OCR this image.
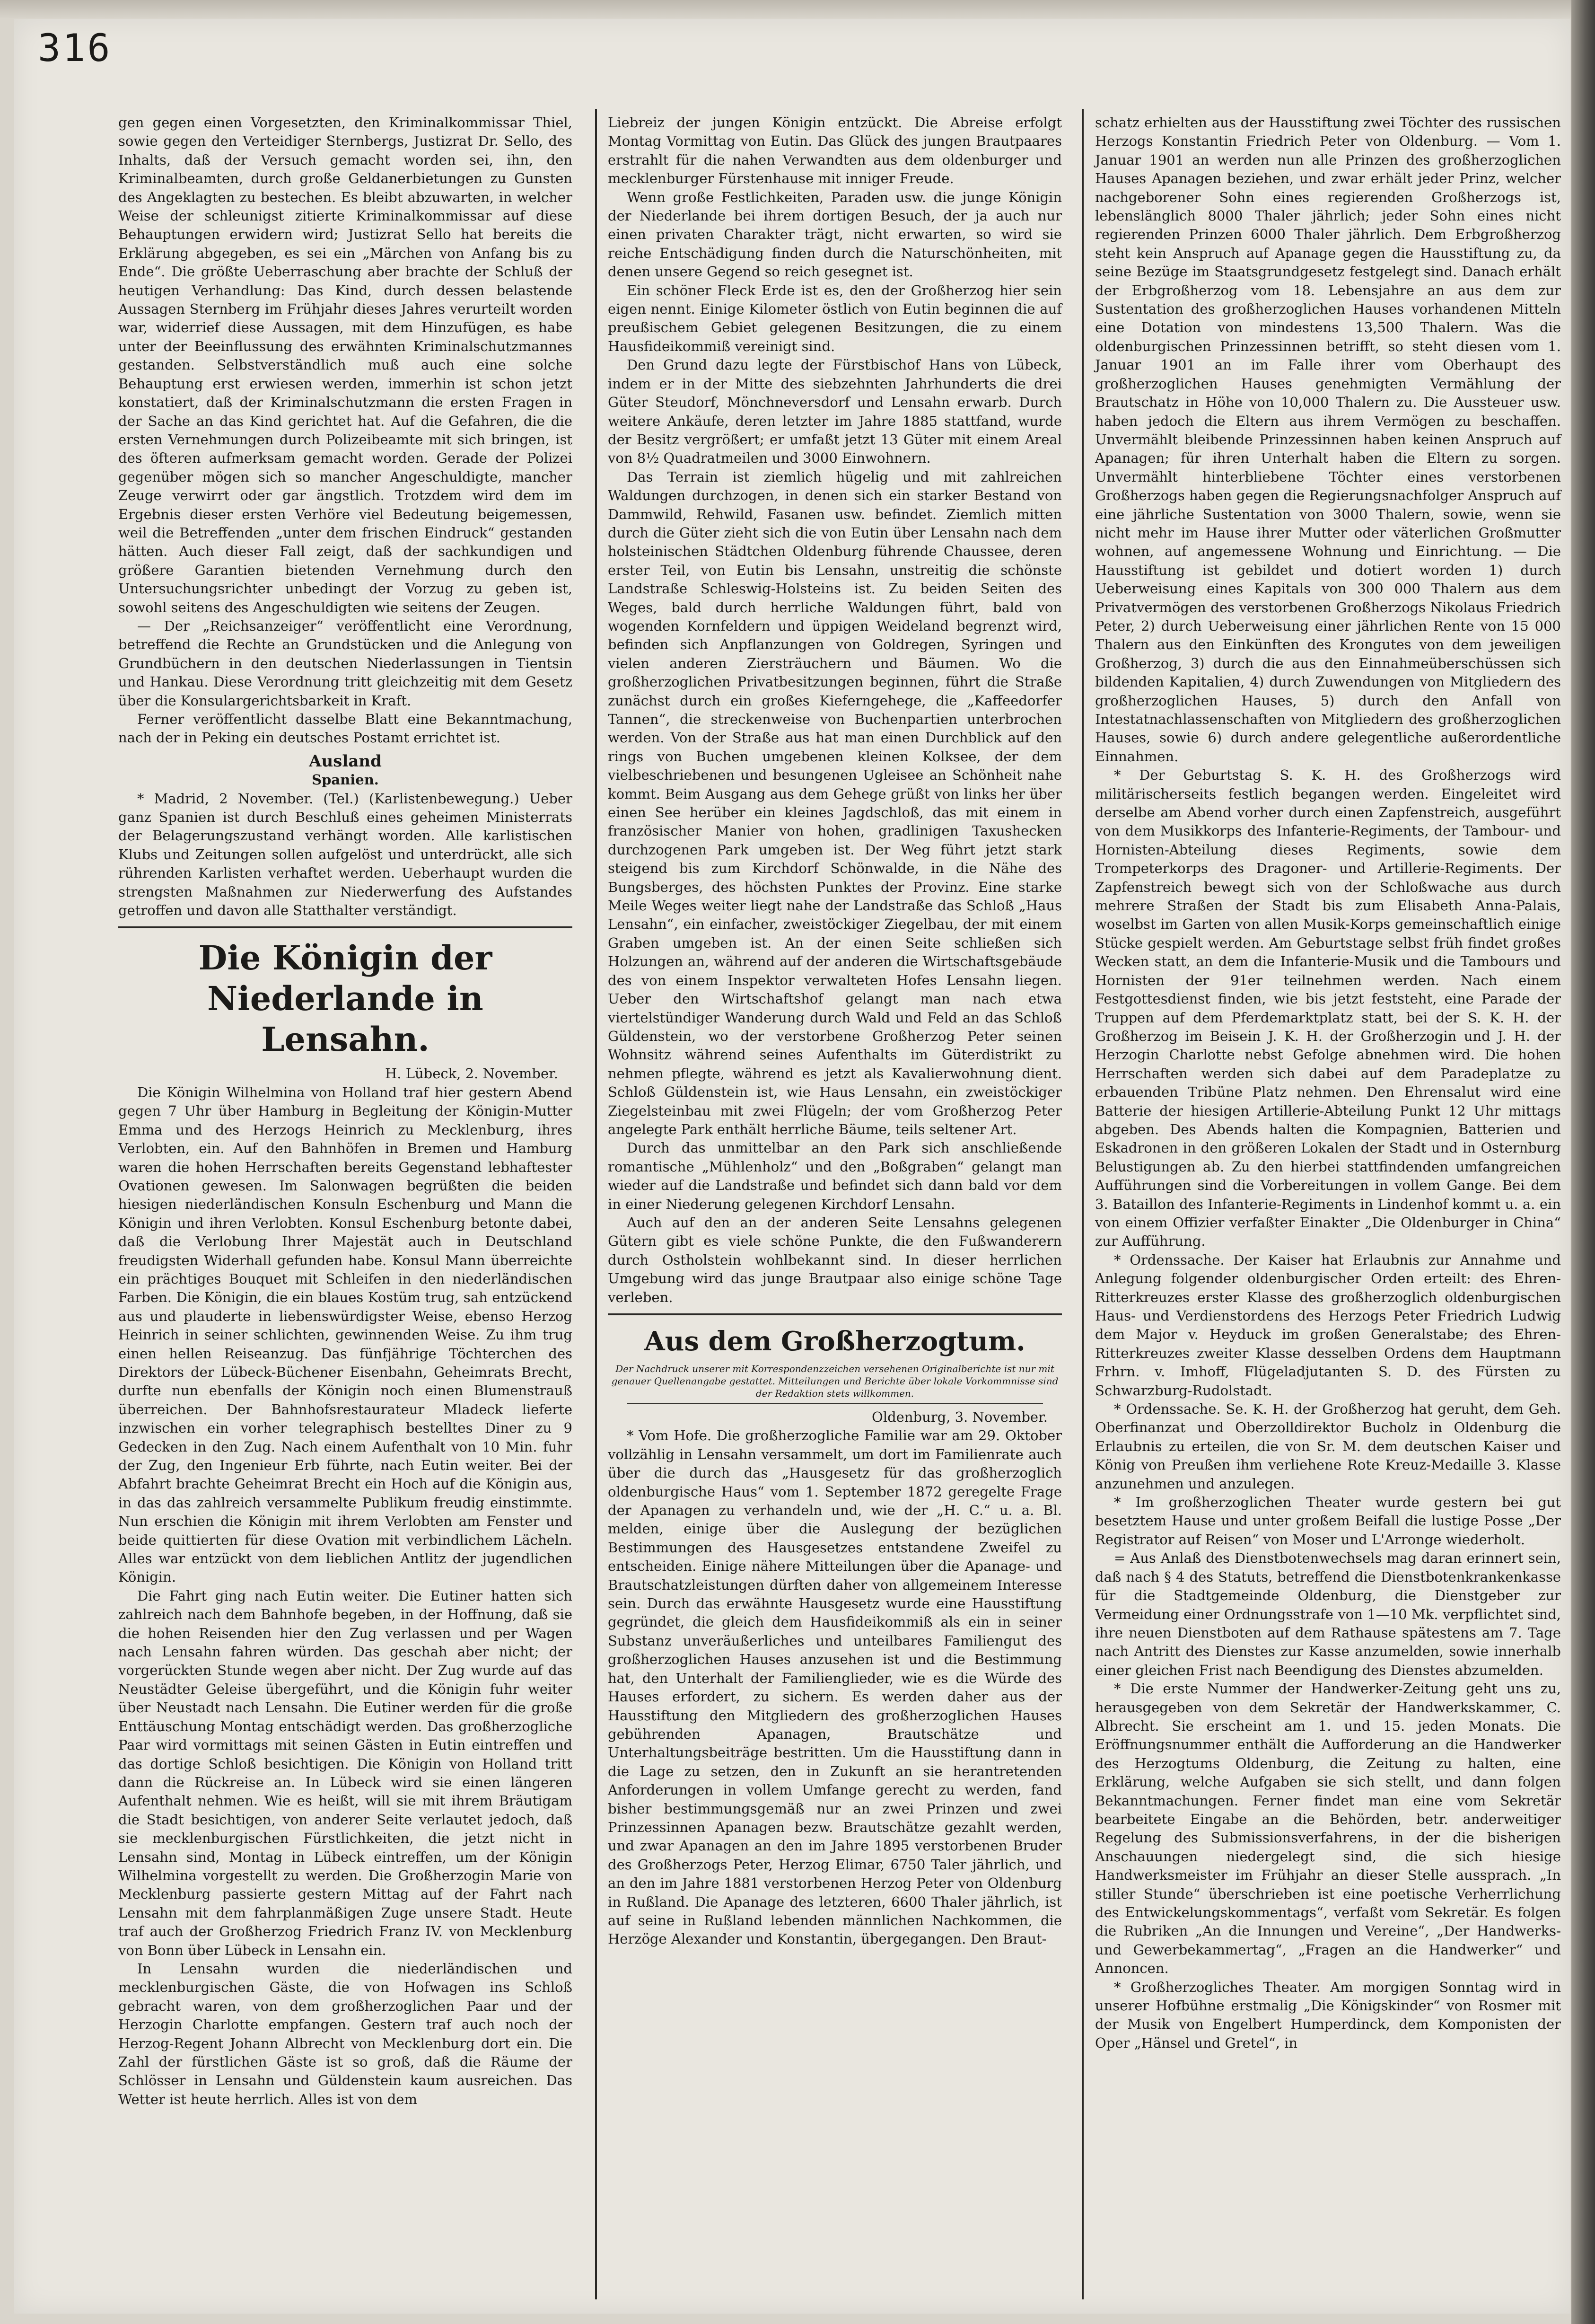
316

gen gegen einen Vorgesetzten, den Kriminalkommissar Thiel, sowie gegen den Verteidiger Sternbergs, Justizrat Dr. Sello, des Inhalts, daß der Versuch gemacht worden sei, ihn, den Kriminalbeamten, durch große Geldanerbietungen zu Gunsten des Angeklagten zu bestechen. Es bleibt abzuwarten, in welcher Weise der schleunigst zitierte Kriminalkommissar auf diese Behauptungen erwidern wird; Justizrat Sello hat bereits die Erklärung abgegeben, es sei ein „Märchen von Anfang bis zu Ende“. Die größte Ueberraschung aber brachte der Schluß der heutigen Verhandlung: Das Kind, durch dessen belastende Aussagen Sternberg im Frühjahr dieses Jahres verurteilt worden war, widerrief diese Aussagen, mit dem Hinzufügen, es habe unter der Beeinflussung des erwähnten Kriminalschutzmannes gestanden. Selbstverständlich muß auch eine solche Behauptung erst erwiesen werden, immerhin ist schon jetzt konstatiert, daß der Kriminalschutzmann die ersten Fragen in der Sache an das Kind gerichtet hat. Auf die Gefahren, die die ersten Vernehmungen durch Polizeibeamte mit sich bringen, ist des öfteren aufmerksam gemacht worden. Gerade der Polizei gegenüber mögen sich so mancher Angeschuldigte, mancher Zeuge verwirrt oder gar ängstlich. Trotzdem wird dem im Ergebnis dieser ersten Verhöre viel Bedeutung beigemessen, weil die Betreffenden „unter dem frischen Eindruck“ gestanden hätten. Auch dieser Fall zeigt, daß der sachkundigen und größere Garantien bietenden Vernehmung durch den Untersuchungsrichter unbedingt der Vorzug zu geben ist, sowohl seitens des Angeschuldigten wie seitens der Zeugen.

— Der „Reichsanzeiger“ veröffentlicht eine Verordnung, betreffend die Rechte an Grundstücken und die Anlegung von Grundbüchern in den deutschen Niederlassungen in Tientsin und Hankau. Diese Verordnung tritt gleichzeitig mit dem Gesetz über die Konsulargerichtsbarkeit in Kraft.

Ferner veröffentlicht dasselbe Blatt eine Bekanntmachung, nach der in Peking ein deutsches Postamt errichtet ist.

Ausland

Spanien.

* Madrid, 2 November. (Tel.) (Karlistenbewegung.) Ueber ganz Spanien ist durch Beschluß eines geheimen Ministerrats der Belagerungszustand verhängt worden. Alle karlistischen Klubs und Zeitungen sollen aufgelöst und unterdrückt, alle sich rührenden Karlisten verhaftet werden. Ueberhaupt wurden die strengsten Maßnahmen zur Niederwerfung des Aufstandes getroffen und davon alle Statthalter verständigt.

Die Königin der Niederlande in Lensahn.

H. Lübeck, 2. November.

Die Königin Wilhelmina von Holland traf hier gestern Abend gegen 7 Uhr über Hamburg in Begleitung der Königin-Mutter Emma und des Herzogs Heinrich zu Mecklenburg, ihres Verlobten, ein. Auf den Bahnhöfen in Bremen und Hamburg waren die hohen Herrschaften bereits Gegenstand lebhaftester Ovationen gewesen. Im Salonwagen begrüßten die beiden hiesigen niederländischen Konsuln Eschenburg und Mann die Königin und ihren Verlobten. Konsul Eschenburg betonte dabei, daß die Verlobung Ihrer Majestät auch in Deutschland freudigsten Widerhall gefunden habe. Konsul Mann überreichte ein prächtiges Bouquet mit Schleifen in den niederländischen Farben. Die Königin, die ein blaues Kostüm trug, sah entzückend aus und plauderte in liebenswürdigster Weise, ebenso Herzog Heinrich in seiner schlichten, gewinnenden Weise. Zu ihm trug einen hellen Reiseanzug. Das fünfjährige Töchterchen des Direktors der Lübeck-Büchener Eisenbahn, Geheimrats Brecht, durfte nun ebenfalls der Königin noch einen Blumenstrauß überreichen. Der Bahnhofsrestaurateur Mladeck lieferte inzwischen ein vorher telegraphisch bestelltes Diner zu 9 Gedecken in den Zug. Nach einem Aufenthalt von 10 Min. fuhr der Zug, den Ingenieur Erb führte, nach Eutin weiter. Bei der Abfahrt brachte Geheimrat Brecht ein Hoch auf die Königin aus, in das das zahlreich versammelte Publikum freudig einstimmte. Nun erschien die Königin mit ihrem Verlobten am Fenster und beide quittierten für diese Ovation mit verbindlichem Lächeln. Alles war entzückt von dem lieblichen Antlitz der jugendlichen Königin.

Die Fahrt ging nach Eutin weiter. Die Eutiner hatten sich zahlreich nach dem Bahnhofe begeben, in der Hoffnung, daß sie die hohen Reisenden hier den Zug verlassen und per Wagen nach Lensahn fahren würden. Das geschah aber nicht; der vorgerückten Stunde wegen aber nicht. Der Zug wurde auf das Neustädter Geleise übergeführt, und die Königin fuhr weiter über Neustadt nach Lensahn. Die Eutiner werden für die große Enttäuschung Montag entschädigt werden. Das großherzogliche Paar wird vormittags mit seinen Gästen in Eutin eintreffen und das dortige Schloß besichtigen. Die Königin von Holland tritt dann die Rückreise an. In Lübeck wird sie einen längeren Aufenthalt nehmen. Wie es heißt, will sie mit ihrem Bräutigam die Stadt besichtigen, von anderer Seite verlautet jedoch, daß sie mecklenburgischen Fürstlichkeiten, die jetzt nicht in Lensahn sind, Montag in Lübeck eintreffen, um der Königin Wilhelmina vorgestellt zu werden. Die Großherzogin Marie von Mecklenburg passierte gestern Mittag auf der Fahrt nach Lensahn mit dem fahrplanmäßigen Zuge unsere Stadt. Heute traf auch der Großherzog Friedrich Franz IV. von Mecklenburg von Bonn über Lübeck in Lensahn ein.

In Lensahn wurden die niederländischen und mecklenburgischen Gäste, die von Hofwagen ins Schloß gebracht waren, von dem großherzoglichen Paar und der Herzogin Charlotte empfangen. Gestern traf auch noch der Herzog-Regent Johann Albrecht von Mecklenburg dort ein. Die Zahl der fürstlichen Gäste ist so groß, daß die Räume der Schlösser in Lensahn und Güldenstein kaum ausreichen. Das Wetter ist heute herrlich. Alles ist von dem

Liebreiz der jungen Königin entzückt. Die Abreise erfolgt Montag Vormittag von Eutin. Das Glück des jungen Brautpaares erstrahlt für die nahen Verwandten aus dem oldenburger und mecklenburger Fürstenhause mit inniger Freude.

Wenn große Festlichkeiten, Paraden usw. die junge Königin der Niederlande bei ihrem dortigen Besuch, der ja auch nur einen privaten Charakter trägt, nicht erwarten, so wird sie reiche Entschädigung finden durch die Naturschönheiten, mit denen unsere Gegend so reich gesegnet ist.

Ein schöner Fleck Erde ist es, den der Großherzog hier sein eigen nennt. Einige Kilometer östlich von Eutin beginnen die auf preußischem Gebiet gelegenen Besitzungen, die zu einem Hausfideikommiß vereinigt sind.

Den Grund dazu legte der Fürstbischof Hans von Lübeck, indem er in der Mitte des siebzehnten Jahrhunderts die drei Güter Steudorf, Mönchneversdorf und Lensahn erwarb. Durch weitere Ankäufe, deren letzter im Jahre 1885 stattfand, wurde der Besitz vergrößert; er umfaßt jetzt 13 Güter mit einem Areal von 8½ Quadratmeilen und 3000 Einwohnern.

Das Terrain ist ziemlich hügelig und mit zahlreichen Waldungen durchzogen, in denen sich ein starker Bestand von Dammwild, Rehwild, Fasanen usw. befindet. Ziemlich mitten durch die Güter zieht sich die von Eutin über Lensahn nach dem holsteinischen Städtchen Oldenburg führende Chaussee, deren erster Teil, von Eutin bis Lensahn, unstreitig die schönste Landstraße Schleswig-Holsteins ist. Zu beiden Seiten des Weges, bald durch herrliche Waldungen führt, bald von wogenden Kornfeldern und üppigen Weideland begrenzt wird, befinden sich Anpflanzungen von Goldregen, Syringen und vielen anderen Ziersträuchern und Bäumen. Wo die großherzoglichen Privatbesitzungen beginnen, führt die Straße zunächst durch ein großes Kieferngehege, die „Kaffeedorfer Tannen“, die streckenweise von Buchenpartien unterbrochen werden. Von der Straße aus hat man einen Durchblick auf den rings von Buchen umgebenen kleinen Kolksee, der dem vielbeschriebenen und besungenen Ugleisee an Schönheit nahe kommt. Beim Ausgang aus dem Gehege grüßt von links her über einen See herüber ein kleines Jagdschloß, das mit einem in französischer Manier von hohen, gradlinigen Taxushecken durchzogenen Park umgeben ist. Der Weg führt jetzt stark steigend bis zum Kirchdorf Schönwalde, in die Nähe des Bungsberges, des höchsten Punktes der Provinz. Eine starke Meile Weges weiter liegt nahe der Landstraße das Schloß „Haus Lensahn“, ein einfacher, zweistöckiger Ziegelbau, der mit einem Graben umgeben ist. An der einen Seite schließen sich Holzungen an, während auf der anderen die Wirtschaftsgebäude des von einem Inspektor verwalteten Hofes Lensahn liegen. Ueber den Wirtschaftshof gelangt man nach etwa viertelstündiger Wanderung durch Wald und Feld an das Schloß Güldenstein, wo der verstorbene Großherzog Peter seinen Wohnsitz während seines Aufenthalts im Güterdistrikt zu nehmen pflegte, während es jetzt als Kavalierwohnung dient. Schloß Güldenstein ist, wie Haus Lensahn, ein zweistöckiger Ziegelsteinbau mit zwei Flügeln; der vom Großherzog Peter angelegte Park enthält herrliche Bäume, teils seltener Art.

Durch das unmittelbar an den Park sich anschließende romantische „Mühlenholz“ und den „Boßgraben“ gelangt man wieder auf die Landstraße und befindet sich dann bald vor dem in einer Niederung gelegenen Kirchdorf Lensahn.

Auch auf den an der anderen Seite Lensahns gelegenen Gütern gibt es viele schöne Punkte, die den Fußwanderern durch Ostholstein wohlbekannt sind. In dieser herrlichen Umgebung wird das junge Brautpaar also einige schöne Tage verleben.

Aus dem Großherzogtum.

Der Nachdruck unserer mit Korrespondenzzeichen versehenen Originalberichte ist nur mit genauer Quellenangabe gestattet. Mitteilungen und Berichte über lokale Vorkommnisse sind der Redaktion stets willkommen.

Oldenburg, 3. November.

* Vom Hofe. Die großherzogliche Familie war am 29. Oktober vollzählig in Lensahn versammelt, um dort im Familienrate auch über die durch das „Hausgesetz für das großherzoglich oldenburgische Haus“ vom 1. September 1872 geregelte Frage der Apanagen zu verhandeln und, wie der „H. C.“ u. a. Bl. melden, einige über die Auslegung der bezüglichen Bestimmungen des Hausgesetzes entstandene Zweifel zu entscheiden. Einige nähere Mitteilungen über die Apanage- und Brautschatzleistungen dürften daher von allgemeinem Interesse sein. Durch das erwähnte Hausgesetz wurde eine Hausstiftung gegründet, die gleich dem Hausfideikommiß als ein in seiner Substanz unveräußerliches und unteilbares Familiengut des großherzoglichen Hauses anzusehen ist und die Bestimmung hat, den Unterhalt der Familienglieder, wie es die Würde des Hauses erfordert, zu sichern. Es werden daher aus der Hausstiftung den Mitgliedern des großherzoglichen Hauses gebührenden Apanagen, Brautschätze und Unterhaltungsbeiträge bestritten. Um die Hausstiftung dann in die Lage zu setzen, den in Zukunft an sie herantretenden Anforderungen in vollem Umfange gerecht zu werden, fand bisher bestimmungsgemäß nur an zwei Prinzen und zwei Prinzessinnen Apanagen bezw. Brautschätze gezahlt werden, und zwar Apanagen an den im Jahre 1895 verstorbenen Bruder des Großherzogs Peter, Herzog Elimar, 6750 Taler jährlich, und an den im Jahre 1881 verstorbenen Herzog Peter von Oldenburg in Rußland. Die Apanage des letzteren, 6600 Thaler jährlich, ist auf seine in Rußland lebenden männlichen Nachkommen, die Herzöge Alexander und Konstantin, übergegangen. Den Braut-

schatz erhielten aus der Hausstiftung zwei Töchter des russischen Herzogs Konstantin Friedrich Peter von Oldenburg. — Vom 1. Januar 1901 an werden nun alle Prinzen des großherzoglichen Hauses Apanagen beziehen, und zwar erhält jeder Prinz, welcher nachgeborener Sohn eines regierenden Großherzogs ist, lebenslänglich 8000 Thaler jährlich; jeder Sohn eines nicht regierenden Prinzen 6000 Thaler jährlich. Dem Erbgroßherzog steht kein Anspruch auf Apanage gegen die Hausstiftung zu, da seine Bezüge im Staatsgrundgesetz festgelegt sind. Danach erhält der Erbgroßherzog vom 18. Lebensjahre an aus dem zur Sustentation des großherzoglichen Hauses vorhandenen Mitteln eine Dotation von mindestens 13,500 Thalern. Was die oldenburgischen Prinzessinnen betrifft, so steht diesen vom 1. Januar 1901 an im Falle ihrer vom Oberhaupt des großherzoglichen Hauses genehmigten Vermählung der Brautschatz in Höhe von 10,000 Thalern zu. Die Aussteuer usw. haben jedoch die Eltern aus ihrem Vermögen zu beschaffen. Unvermählt bleibende Prinzessinnen haben keinen Anspruch auf Apanagen; für ihren Unterhalt haben die Eltern zu sorgen. Unvermählt hinterbliebene Töchter eines verstorbenen Großherzogs haben gegen die Regierungsnachfolger Anspruch auf eine jährliche Sustentation von 3000 Thalern, sowie, wenn sie nicht mehr im Hause ihrer Mutter oder väterlichen Großmutter wohnen, auf angemessene Wohnung und Einrichtung. — Die Hausstiftung ist gebildet und dotiert worden 1) durch Ueberweisung eines Kapitals von 300 000 Thalern aus dem Privatvermögen des verstorbenen Großherzogs Nikolaus Friedrich Peter, 2) durch Ueberweisung einer jährlichen Rente von 15 000 Thalern aus den Einkünften des Krongutes von dem jeweiligen Großherzog, 3) durch die aus den Einnahmeüberschüssen sich bildenden Kapitalien, 4) durch Zuwendungen von Mitgliedern des großherzoglichen Hauses, 5) durch den Anfall von Intestatnachlassenschaften von Mitgliedern des großherzoglichen Hauses, sowie 6) durch andere gelegentliche außerordentliche Einnahmen.

* Der Geburtstag S. K. H. des Großherzogs wird militärischerseits festlich begangen werden. Eingeleitet wird derselbe am Abend vorher durch einen Zapfenstreich, ausgeführt von dem Musikkorps des Infanterie-Regiments, der Tambour- und Hornisten-Abteilung dieses Regiments, sowie dem Trompeterkorps des Dragoner- und Artillerie-Regiments. Der Zapfenstreich bewegt sich von der Schloßwache aus durch mehrere Straßen der Stadt bis zum Elisabeth Anna-Palais, woselbst im Garten von allen Musik-Korps gemeinschaftlich einige Stücke gespielt werden. Am Geburtstage selbst früh findet großes Wecken statt, an dem die Infanterie-Musik und die Tambours und Hornisten der 91er teilnehmen werden. Nach einem Festgottesdienst finden, wie bis jetzt feststeht, eine Parade der Truppen auf dem Pferdemarktplatz statt, bei der S. K. H. der Großherzog im Beisein J. K. H. der Großherzogin und J. H. der Herzogin Charlotte nebst Gefolge abnehmen wird. Die hohen Herrschaften werden sich dabei auf dem Paradeplatze zu erbauenden Tribüne Platz nehmen. Den Ehrensalut wird eine Batterie der hiesigen Artillerie-Abteilung Punkt 12 Uhr mittags abgeben. Des Abends halten die Kompagnien, Batterien und Eskadronen in den größeren Lokalen der Stadt und in Osternburg Belustigungen ab. Zu den hierbei stattfindenden umfangreichen Aufführungen sind die Vorbereitungen in vollem Gange. Bei dem 3. Bataillon des Infanterie-Regiments in Lindenhof kommt u. a. ein von einem Offizier verfaßter Einakter „Die Oldenburger in China“ zur Aufführung.

* Ordenssache. Der Kaiser hat Erlaubnis zur Annahme und Anlegung folgender oldenburgischer Orden erteilt: des Ehren-Ritterkreuzes erster Klasse des großherzoglich oldenburgischen Haus- und Verdienstordens des Herzogs Peter Friedrich Ludwig dem Major v. Heyduck im großen Generalstabe; des Ehren-Ritterkreuzes zweiter Klasse desselben Ordens dem Hauptmann Frhrn. v. Imhoff, Flügeladjutanten S. D. des Fürsten zu Schwarzburg-Rudolstadt.

* Ordenssache. Se. K. H. der Großherzog hat geruht, dem Geh. Oberfinanzat und Oberzolldirektor Bucholz in Oldenburg die Erlaubnis zu erteilen, die von Sr. M. dem deutschen Kaiser und König von Preußen ihm verliehene Rote Kreuz-Medaille 3. Klasse anzunehmen und anzulegen.

* Im großherzoglichen Theater wurde gestern bei gut besetztem Hause und unter großem Beifall die lustige Posse „Der Registrator auf Reisen“ von Moser und L'Arronge wiederholt.

= Aus Anlaß des Dienstbotenwechsels mag daran erinnert sein, daß nach § 4 des Statuts, betreffend die Dienstbotenkrankenkasse für die Stadtgemeinde Oldenburg, die Dienstgeber zur Vermeidung einer Ordnungsstrafe von 1—10 Mk. verpflichtet sind, ihre neuen Dienstboten auf dem Rathause spätestens am 7. Tage nach Antritt des Dienstes zur Kasse anzumelden, sowie innerhalb einer gleichen Frist nach Beendigung des Dienstes abzumelden.

* Die erste Nummer der Handwerker-Zeitung geht uns zu, herausgegeben von dem Sekretär der Handwerkskammer, C. Albrecht. Sie erscheint am 1. und 15. jeden Monats. Die Eröffnungsnummer enthält die Aufforderung an die Handwerker des Herzogtums Oldenburg, die Zeitung zu halten, eine Erklärung, welche Aufgaben sie sich stellt, und dann folgen Bekanntmachungen. Ferner findet man eine vom Sekretär bearbeitete Eingabe an die Behörden, betr. anderweitiger Regelung des Submissionsverfahrens, in der die bisherigen Anschauungen niedergelegt sind, die sich hiesige Handwerksmeister im Frühjahr an dieser Stelle aussprach. „In stiller Stunde“ überschrieben ist eine poetische Verherrlichung des Entwickelungskommentags“, verfaßt vom Sekretär. Es folgen die Rubriken „An die Innungen und Vereine“, „Der Handwerks- und Gewerbekammertag“, „Fragen an die Handwerker“ und Annoncen.

* Großherzogliches Theater. Am morgigen Sonntag wird in unserer Hofbühne erstmalig „Die Königskinder“ von Rosmer mit der Musik von Engelbert Humperdinck, dem Komponisten der Oper „Hänsel und Gretel“, in
